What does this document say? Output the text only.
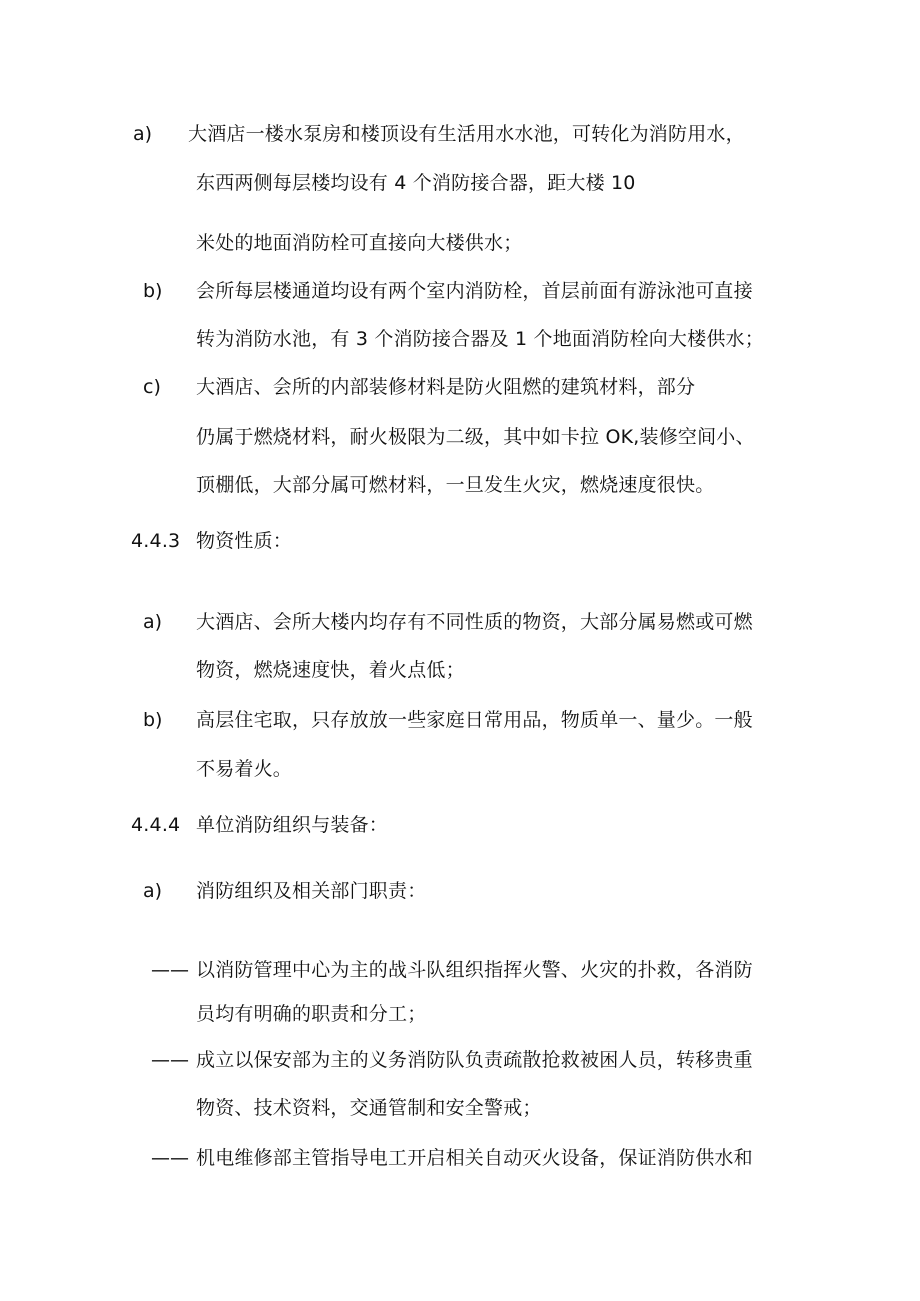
a) 大酒店一楼水泵房和楼顶设有生活用水水池，可转化为消防用水，
东西两侧每层楼均设有 4 个消防接合器，距大楼 10
米处的地面消防栓可直接向大楼供水；
b) 会所每层楼通道均设有两个室内消防栓，首层前面有游泳池可直接
转为消防水池，有 3 个消防接合器及 1 个地面消防栓向大楼供水；
c) 大酒店、会所的内部装修材料是防火阻燃的建筑材料，部分
仍属于燃烧材料，耐火极限为二级，其中如卡拉 OK,装修空间小、
顶棚低，大部分属可燃材料，一旦发生火灾，燃烧速度很快。
4.4.3 物资性质：
a) 大酒店、会所大楼内均存有不同性质的物资，大部分属易燃或可燃
物资，燃烧速度快，着火点低；
b) 高层住宅取，只存放放一些家庭日常用品，物质单一、量少。一般
不易着火。
4.4.4 单位消防组织与装备：
a) 消防组织及相关部门职责：
—— 以消防管理中心为主的战斗队组织指挥火警、火灾的扑救，各消防
员均有明确的职责和分工；
—— 成立以保安部为主的义务消防队负责疏散抢救被困人员，转移贵重
物资、技术资料，交通管制和安全警戒；
—— 机电维修部主管指导电工开启相关自动灭火设备，保证消防供水和
